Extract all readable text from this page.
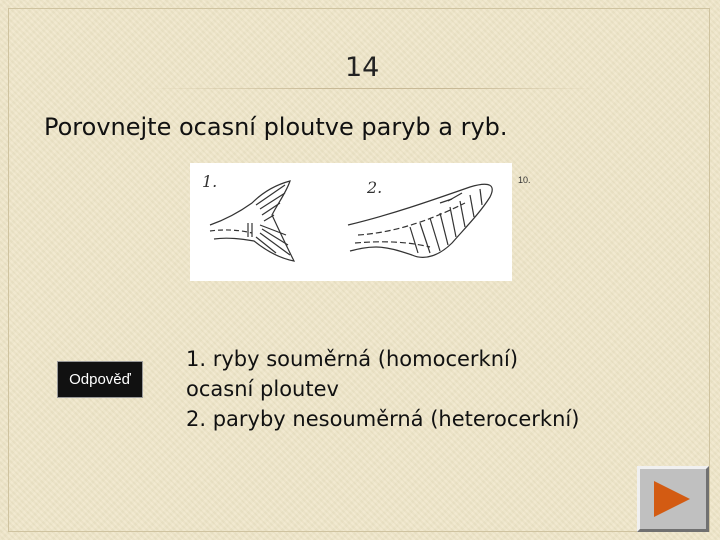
14
Porovnejte ocasní ploutve paryb a ryb.
1.	2.	10.
Odpověď
1. ryby souměrná (homocerkní)
ocasní ploutev
2. paryby nesouměrná (heterocerkní)
